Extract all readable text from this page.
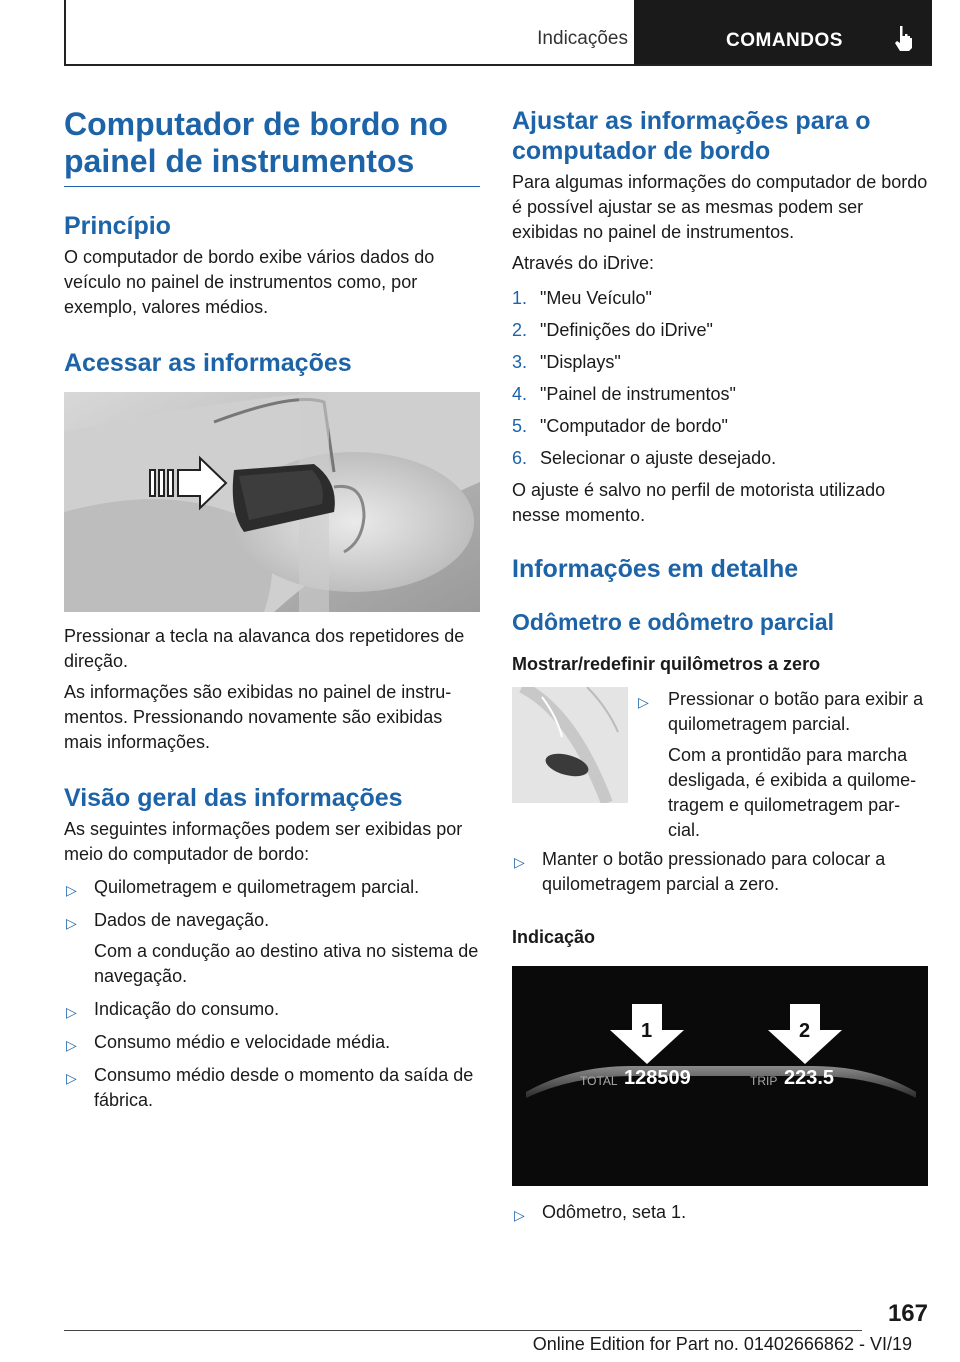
Indicações	COMANDOS
Computador de bordo no painel de instrumentos
Princípio

O computador de bordo exibe vários dados do veículo no painel de instrumentos como, por exemplo, valores médios.

Acessar as informações

Pressionar a tecla na alavanca dos repetidores de direção.

As informações são exibidas no painel de instru-mentos. Pressionando novamente são exibidas mais informações.

Visão geral das informações

As seguintes informações podem ser exibidas por meio do computador de bordo:

▷ Quilometragem e quilometragem parcial.
▷ Dados de navegação.

Com a condução ao destino ativa no sistema de navegação.

▷ Indicação do consumo.
▷ Consumo médio e velocidade média.
▷ Consumo médio desde o momento da saída de fábrica.
Ajustar as informações para o computador de bordo

Para algumas informações do computador de bordo é possível ajustar se as mesmas podem ser exibidas no painel de instrumentos.

Através do iDrive:

1. "Meu Veículo"
2. "Definições do iDrive"
3. "Displays"
4. "Painel de instrumentos"
5. "Computador de bordo"
6. Selecionar o ajuste desejado.

O ajuste é salvo no perfil de motorista utilizado nesse momento.

Informações em detalhe
Odômetro e odômetro parcial
Mostrar/redefinir quilômetros a zero
▷ Pressionar o botão para exibir a quilometragem parcial.

Com a prontidão para marcha desligada, é exibida a quilome-tragem e quilometragem par-cial.

▷ Manter o botão pressionado para colocar a quilometragem parcial a zero.
Indicação
1	2
TOTAL 128509	TRIP 223.5
▷ Odômetro, seta 1.
167
Online Edition for Part no. 01402666862 - VI/19
